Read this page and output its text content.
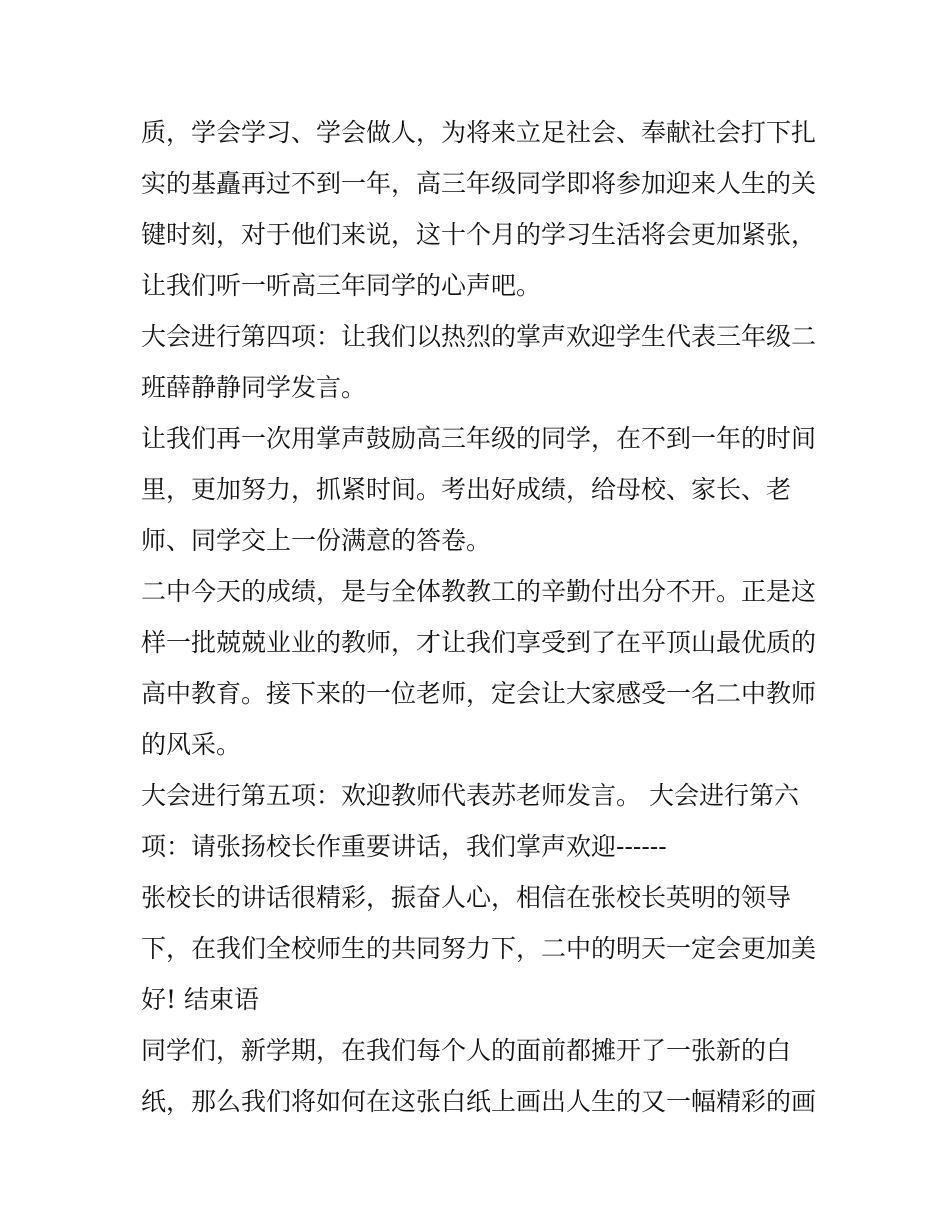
质，学会学习、学会做人，为将来立足社会、奉献社会打下扎实的基矗再过不到一年，高三年级同学即将参加迎来人生的关键时刻，对于他们来说，这十个月的学习生活将会更加紧张，让我们听一听高三年同学的心声吧。

大会进行第四项：让我们以热烈的掌声欢迎学生代表三年级二班薛静静同学发言。

让我们再一次用掌声鼓励高三年级的同学，在不到一年的时间里，更加努力，抓紧时间。考出好成绩，给母校、家长、老师、同学交上一份满意的答卷。

二中今天的成绩，是与全体教教工的辛勤付出分不开。正是这样一批兢兢业业的教师，才让我们享受到了在平顶山最优质的高中教育。接下来的一位老师，定会让大家感受一名二中教师的风采。

大会进行第五项：欢迎教师代表苏老师发言。 大会进行第六项：请张扬校长作重要讲话，我们掌声欢迎------

张校长的讲话很精彩，振奋人心，相信在张校长英明的领导下，在我们全校师生的共同努力下，二中的明天一定会更加美好! 结束语

同学们，新学期，在我们每个人的面前都摊开了一张新的白纸，那么我们将如何在这张白纸上画出人生的又一幅精彩的画
